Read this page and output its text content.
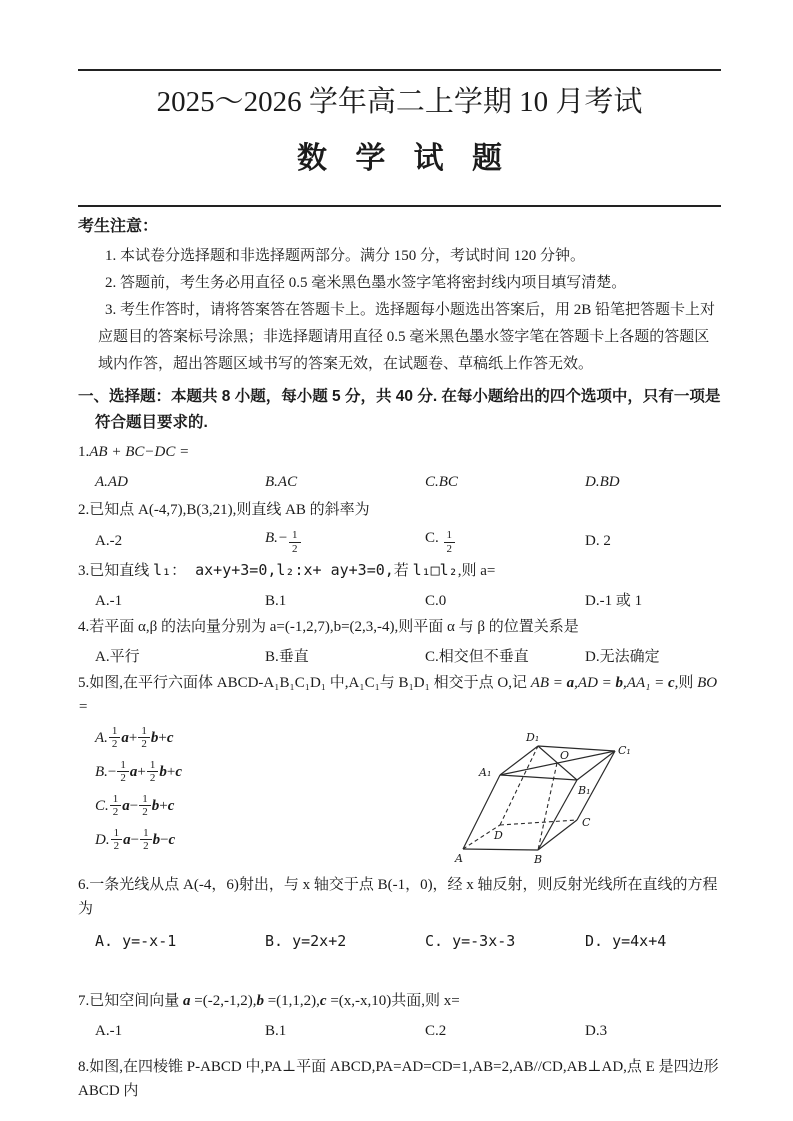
2025～2026 学年高二上学期 10 月考试
数 学 试 题
考生注意：
1. 本试卷分选择题和非选择题两部分。满分 150 分，考试时间 120 分钟。
2. 答题前，考生务必用直径 0.5 毫米黑色墨水签字笔将密封线内项目填写清楚。
3. 考生作答时，请将答案答在答题卡上。选择题每小题选出答案后，用 2B 铅笔把答题卡上对应题目的答案标号涂黑；非选择题请用直径 0.5 毫米黑色墨水签字笔在答题卡上各题的答题区域内作答，超出答题区域书写的答案无效，在试题卷、草稿纸上作答无效。
一、选择题：本题共 8 小题，每小题 5 分，共 40 分. 在每小题给出的四个选项中，只有一项是符合题目要求的.
1.AB + BC−DC =
A.AD	B.AC	C.BC	D.BD
2.已知点 A(-4,7),B(3,21),则直线 AB 的斜率为
A.-2	$B.- \frac{1}{2}$	C. $\frac{1}{2}$	D. 2
3.已知直线 l₁： ax+y+3=0,l₂:x+ ay+3=0,若 l₁□l₂,则 a=
A.-1	B.1	C.0	D.-1 或 1
4.若平面 α,β 的法向量分别为 a=(-1,2,7),b=(2,3,-4),则平面 α 与 β 的位置关系是
A.平行	B.垂直	C.相交但不垂直	D.无法确定
5.如图,在平行六面体 ABCD-A₁B₁C₁D₁ 中,A₁C₁与 B₁D₁ 相交于点 O,记 AB = a,AD = b,AA₁ = c,则 BO =
A. $\frac{1}{2}$ $a + \frac{1}{2}$ b + c
B. − $\frac{1}{2}$ $a + \frac{1}{2}$ b + c
C. $\frac{1}{2}$ $a - \frac{1}{2}$ b + c
D. $\frac{1}{2}$ $a - \frac{1}{2}$ b − c
A	B
C
D
A₁
B₁
C₁
D₁
O
6.一条光线从点 A(-4，6)射出，与 x 轴交于点 B(-1，0)，经 x 轴反射，则反射光线所在直线的方程为
A. y=-x-1	B. y=2x+2	C. y=-3x-3	D. y=4x+4
7.已知空间向量 a =(-2,-1,2),b =(1,1,2),c =(x,-x,10)共面,则 x=
A.-1	B.1	C.2	D.3
8.如图,在四棱锥 P-ABCD 中,PA⊥平面 ABCD,PA=AD=CD=1,AB=2,AB//CD,AB⊥AD,点 E 是四边形 ABCD 内
